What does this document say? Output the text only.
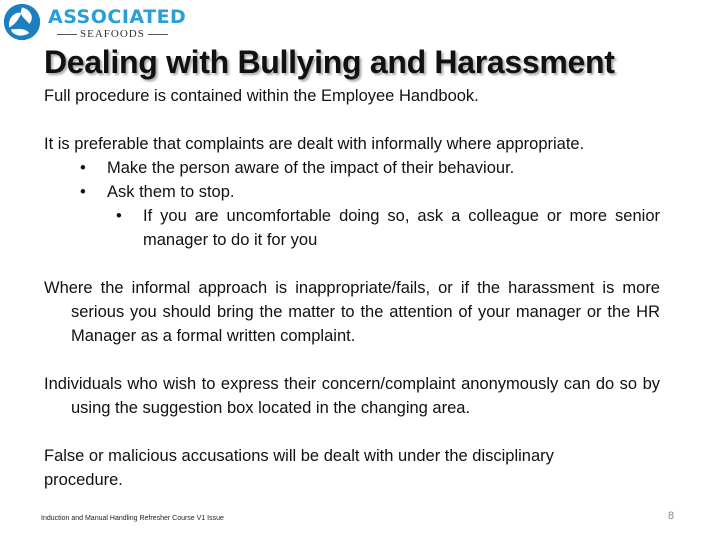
ASSOCIATED
SEAFOODS
Dealing with Bullying and Harassment
Full procedure is contained within the Employee Handbook.
It is preferable that complaints are dealt with informally where appropriate.
• Make the person aware of the impact of their behaviour.
• Ask them to stop.
• If you are uncomfortable doing so, ask a colleague or more senior manager to do it for you
Where the informal approach is inappropriate/fails, or if the harassment is more serious you should bring the matter to the attention of your manager or the HR Manager as a formal written complaint.
Individuals who wish to express their concern/complaint anonymously can do so by using the suggestion box located in the changing area.
False or malicious accusations will be dealt with under the disciplinary procedure.
Induction and Manual Handling Refresher Course V1 Issue	8
